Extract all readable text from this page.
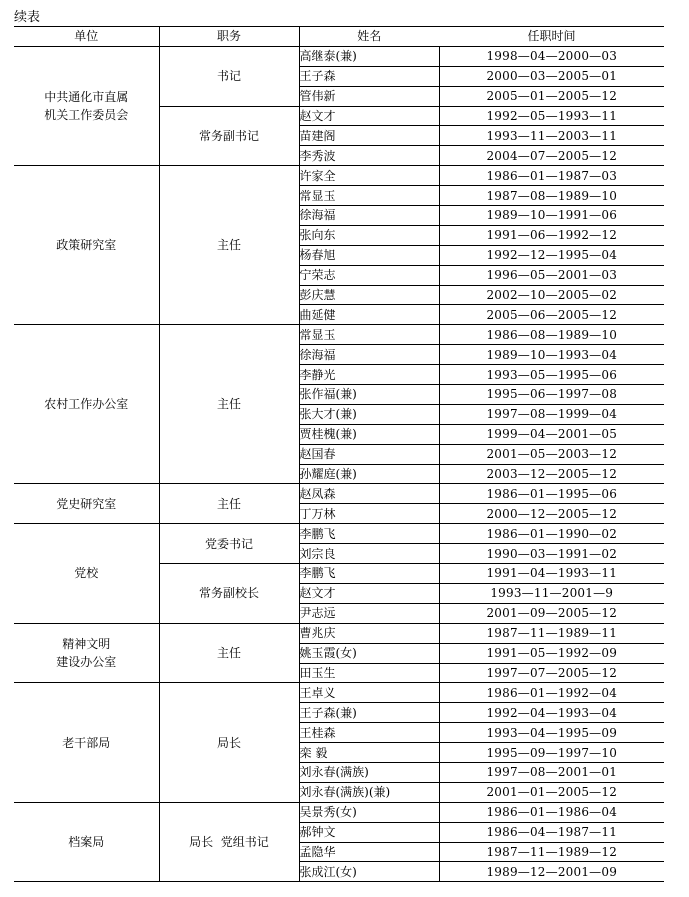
续表
单位	职务	姓名	任职时间
中共通化市直属
机关工作委员会	书记	高继泰(兼)	1998—04—2000—03
		王子森	2000—03—2005—01
		管伟新	2005—01—2005—12
	常务副书记	赵文才	1992—05—1993—11
		苗建阁	1993—11—2003—11
		李秀波	2004—07—2005—12
政策研究室	主任	许家全	1986—01—1987—03
		常显玉	1987—08—1989—10
		徐海福	1989—10—1991—06
		张向东	1991—06—1992—12
		杨春旭	1992—12—1995—04
		宁荣志	1996—05—2001—03
		彭庆慧	2002—10—2005—02
		曲延健	2005—06—2005—12
农村工作办公室	主任	常显玉	1986—08—1989—10
		徐海福	1989—10—1993—04
		李静光	1993—05—1995—06
		张作福(兼)	1995—06—1997—08
		张大才(兼)	1997—08—1999—04
		贾桂槐(兼)	1999—04—2001—05
		赵国春	2001—05—2003—12
		孙耀庭(兼)	2003—12—2005—12
党史研究室	主任	赵凤森	1986—01—1995—06
		丁万林	2000—12—2005—12
党校	党委书记	李鹏飞	1986—01—1990—02
		刘宗良	1990—03—1991—02
	常务副校长	李鹏飞	1991—04—1993—11
		赵文才	1993—11—2001—9
		尹志远	2001—09—2005—12
精神文明
建设办公室	主任	曹兆庆	1987—11—1989—11
		姚玉霞(女)	1991—05—1992—09
		田玉生	1997—07—2005—12
老干部局	局长	王卓义	1986—01—1992—04
		王子森(兼)	1992—04—1993—04
		王桂森	1993—04—1995—09
		栾 毅	1995—09—1997—10
		刘永春(满族)	1997—08—2001—01
		刘永春(满族)(兼)	2001—01—2005—12
档案局	局长  党组书记	吴景秀(女)	1986—01—1986—04
		郝钟文	1986—04—1987—11
		孟隐华	1987—11—1989—12
		张成江(女)	1989—12—2001—09
